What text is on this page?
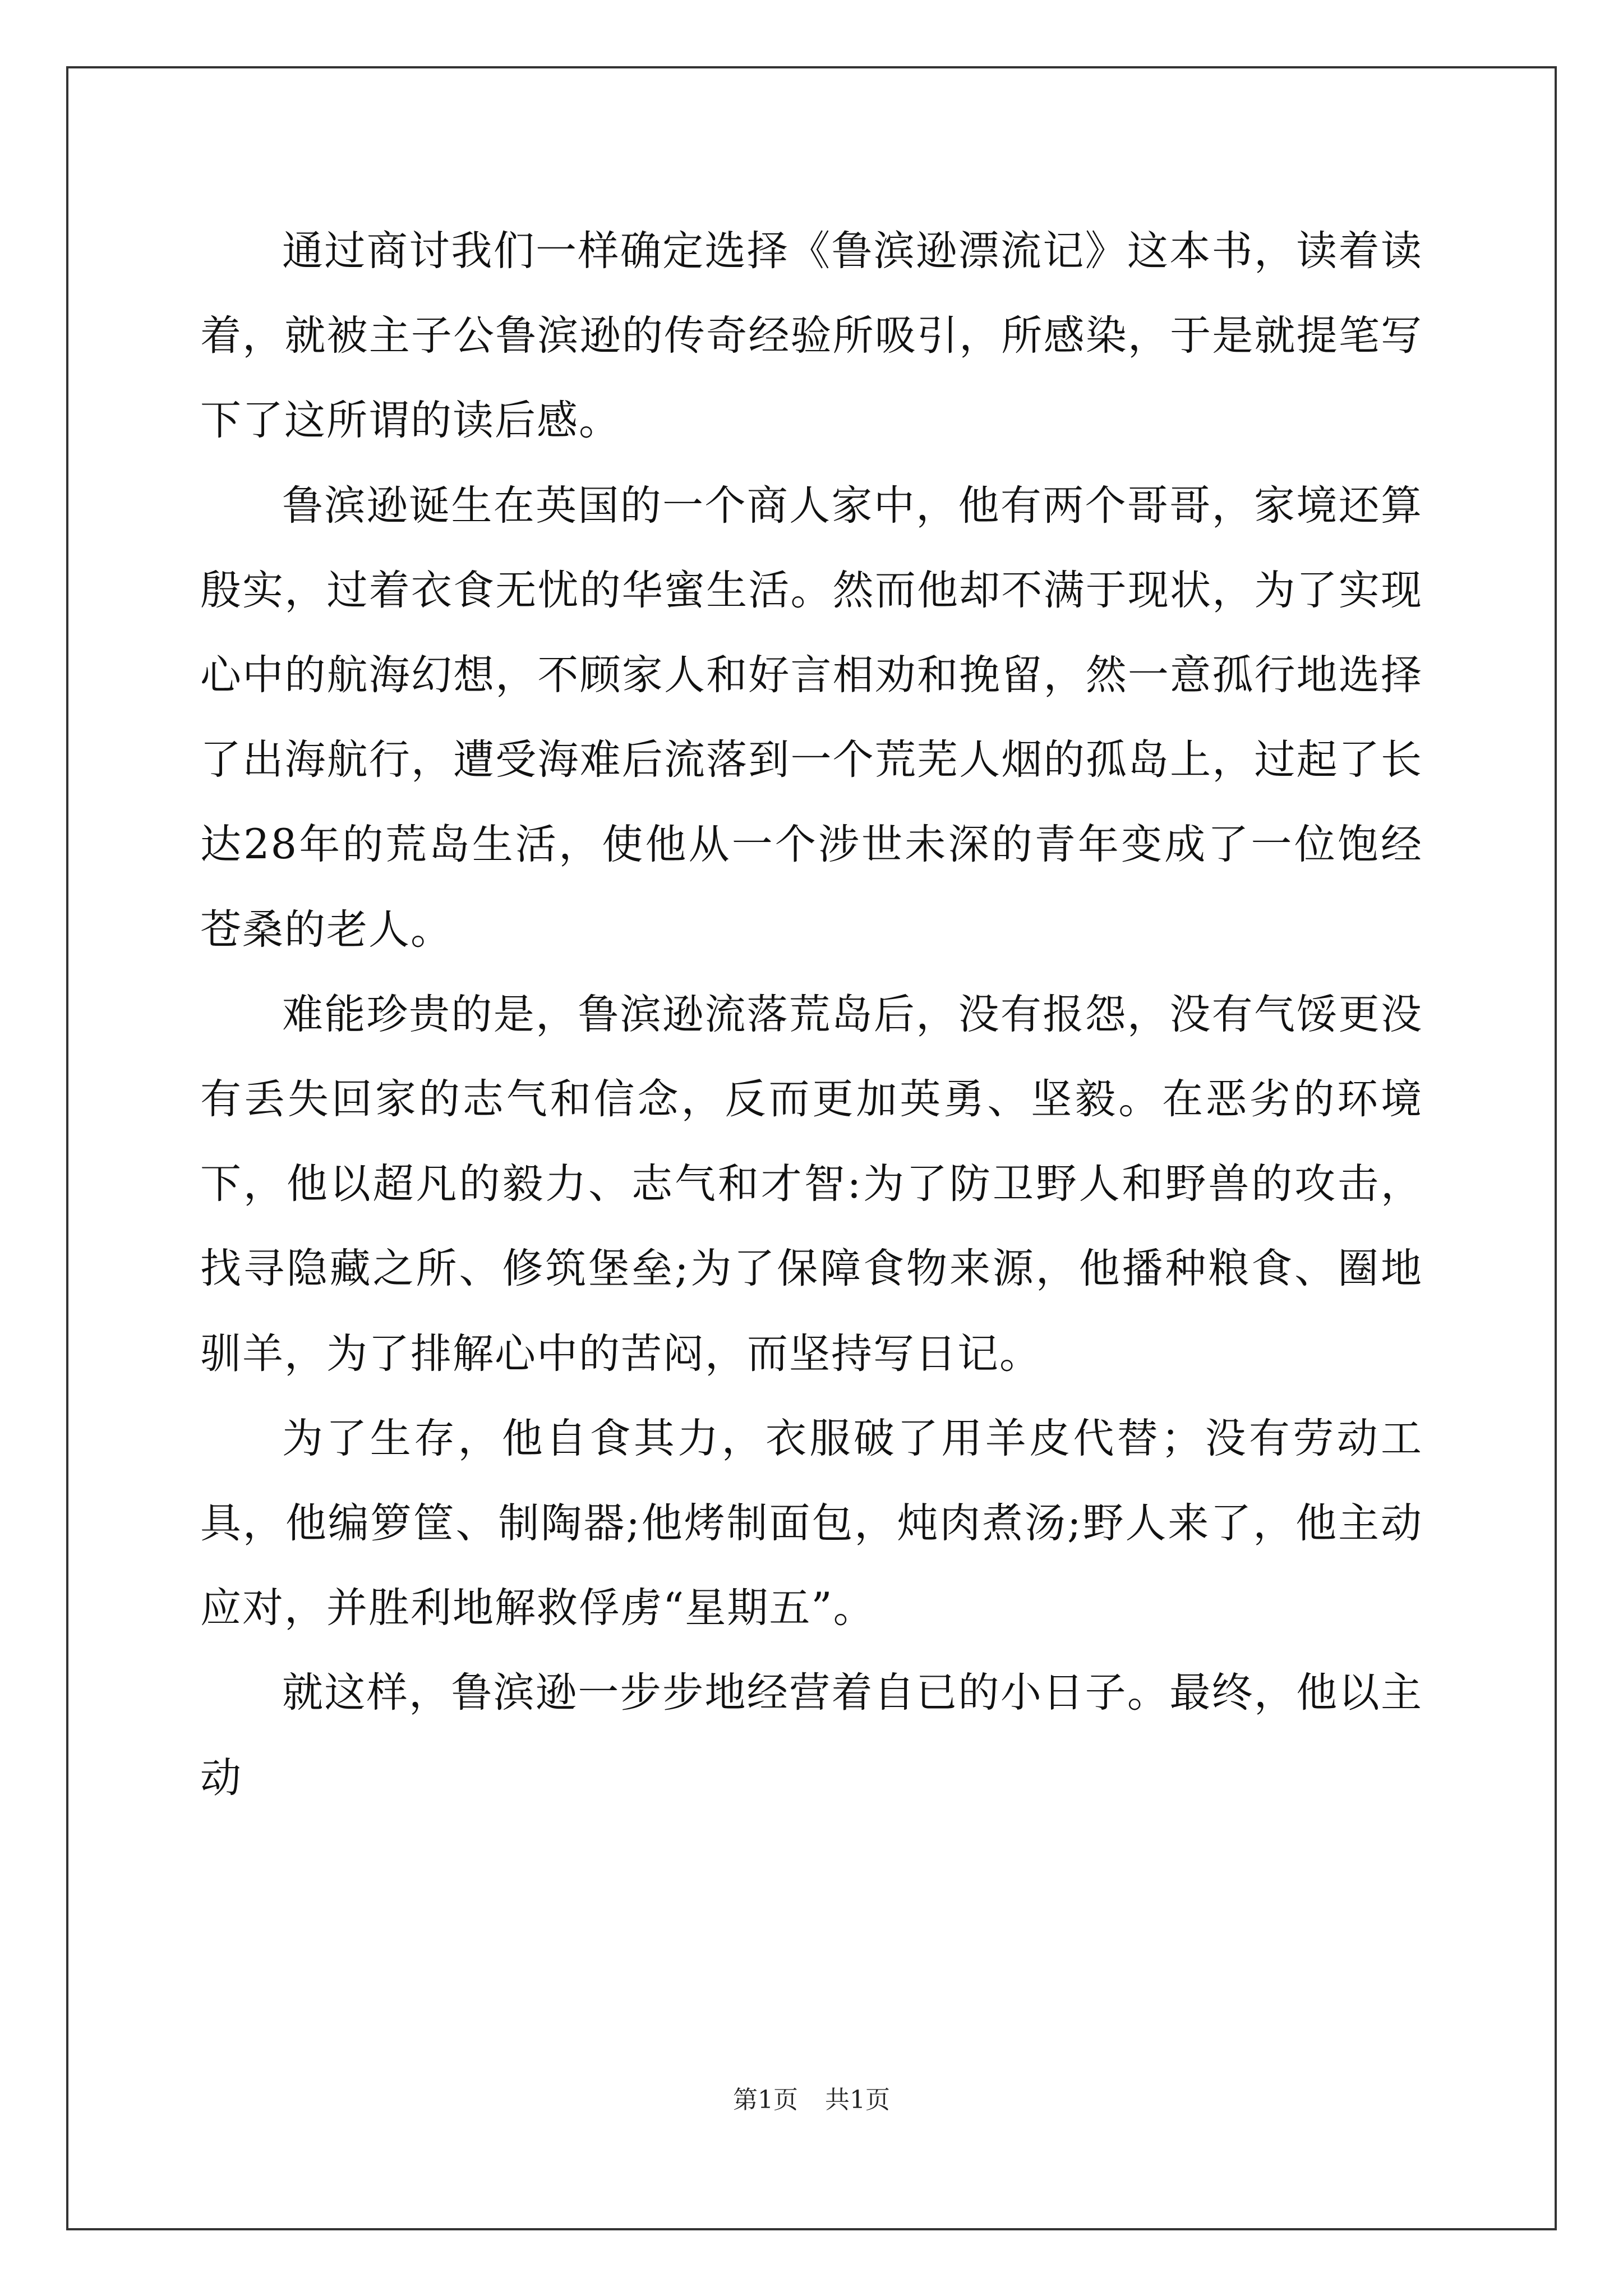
通过商讨我们一样确定选择《鲁滨逊漂流记》这本书，读着读着，就被主子公鲁滨逊的传奇经验所吸引，所感染，于是就提笔写下了这所谓的读后感。

鲁滨逊诞生在英国的一个商人家中，他有两个哥哥，家境还算殷实，过着衣食无忧的华蜜生活。然而他却不满于现状，为了实现心中的航海幻想，不顾家人和好言相劝和挽留，然一意孤行地选择了出海航行，遭受海难后流落到一个荒芜人烟的孤岛上，过起了长达28年的荒岛生活，使他从一个涉世未深的青年变成了一位饱经苍桑的老人。

难能珍贵的是，鲁滨逊流落荒岛后，没有报怨，没有气馁更没有丢失回家的志气和信念，反而更加英勇、坚毅。在恶劣的环境下，他以超凡的毅力、志气和才智:为了防卫野人和野兽的攻击，找寻隐藏之所、修筑堡垒;为了保障食物来源，他播种粮食、圈地驯羊，为了排解心中的苦闷，而坚持写日记。

为了生存，他自食其力，衣服破了用羊皮代替；没有劳动工具，他编箩筐、制陶器;他烤制面包，炖肉煮汤;野人来了，他主动应对，并胜利地解救俘虏“星期五”。

就这样，鲁滨逊一步步地经营着自已的小日子。最终，他以主动

第1页 共1页
